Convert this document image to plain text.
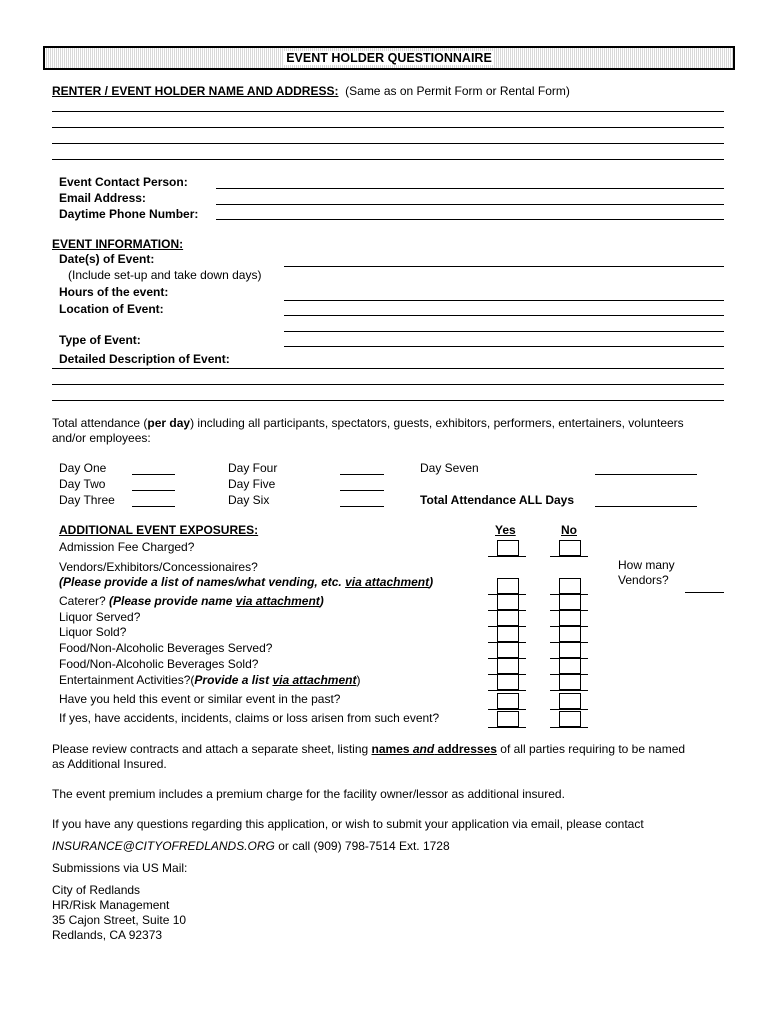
EVENT HOLDER QUESTIONNAIRE
RENTER / EVENT HOLDER NAME AND ADDRESS: (Same as on Permit Form or Rental Form)
Event Contact Person:
Email Address:
Daytime Phone Number:
EVENT INFORMATION:
Date(s) of Event:
(Include set-up and take down days)
Hours of the event:
Location of Event:
Type of Event:
Detailed Description of Event:
Total attendance (per day) including all participants, spectators, guests, exhibitors, performers, entertainers, volunteers
and/or employees:
Day One
Day Two
Day Three
Day Four
Day Five
Day Six
Day Seven
Total Attendance ALL Days
ADDITIONAL EVENT EXPOSURES:	Yes	No
How many
Vendors?
Admission Fee Charged?
Vendors/Exhibitors/Concessionaires?
(Please provide a list of names/what vending, etc. via attachment)
Caterer? (Please provide name via attachment)
Liquor Served?
Liquor Sold?
Food/Non-Alcoholic Beverages Served?
Food/Non-Alcoholic Beverages Sold?
Entertainment Activities?(Provide a list via attachment)
Have you held this event or similar event in the past?
If yes, have accidents, incidents, claims or loss arisen from such event?
Please review contracts and attach a separate sheet, listing names and addresses of all parties requiring to be named
as Additional Insured.
The event premium includes a premium charge for the facility owner/lessor as additional insured.
If you have any questions regarding this application, or wish to submit your application via email, please contact
INSURANCE@CITYOFREDLANDS.ORG or call (909) 798-7514 Ext. 1728
Submissions via US Mail:
City of Redlands
HR/Risk Management
35 Cajon Street, Suite 10
Redlands, CA 92373
